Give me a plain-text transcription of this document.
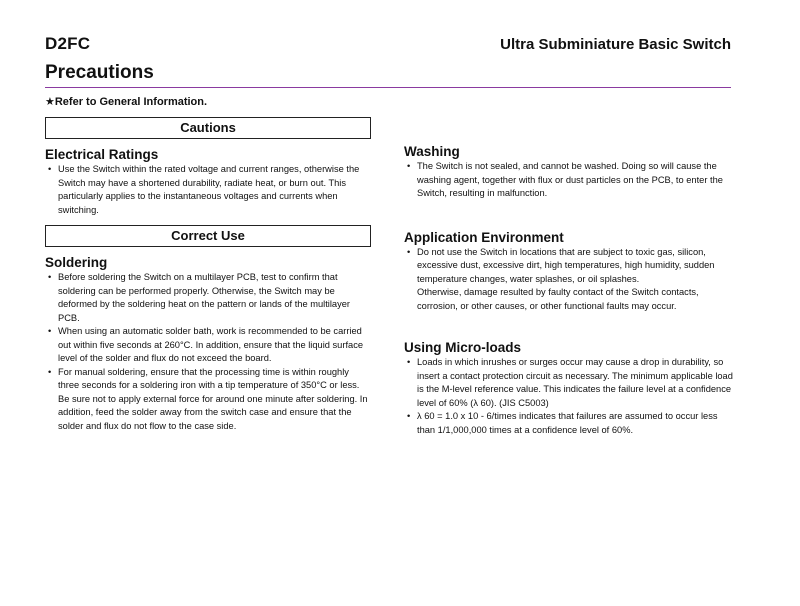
D2FC	Ultra Subminiature Basic Switch
Precautions
★Refer to General Information.
Cautions
Electrical Ratings
• Use the Switch within the rated voltage and current ranges, otherwise the Switch may have a shortened durability, radiate heat, or burn out. This particularly applies to the instantaneous voltages and currents when switching.
Correct Use
Soldering
• Before soldering the Switch on a multilayer PCB, test to confirm that soldering can be performed properly. Otherwise, the Switch may be deformed by the soldering heat on the pattern or lands of the multilayer PCB.
• When using an automatic solder bath, work is recommended to be carried out within five seconds at 260°C. In addition, ensure that the liquid surface level of the solder and flux do not exceed the board.
• For manual soldering, ensure that the processing time is within roughly three seconds for a soldering iron with a tip temperature of 350°C or less. Be sure not to apply external force for around one minute after soldering. In addition, feed the solder away from the switch case and ensure that the solder and flux do not flow to the case side.
Washing
• The Switch is not sealed, and cannot be washed. Doing so will cause the washing agent, together with flux or dust particles on the PCB, to enter the Switch, resulting in malfunction.
Application Environment
• Do not use the Switch in locations that are subject to toxic gas, silicon, excessive dust, excessive dirt, high temperatures, high humidity, sudden temperature changes, water splashes, or oil splashes.
Otherwise, damage resulted by faulty contact of the Switch contacts, corrosion, or other causes, or other functional faults may occur.
Using Micro-loads
• Loads in which inrushes or surges occur may cause a drop in durability, so insert a contact protection circuit as necessary. The minimum applicable load is the M-level reference value. This indicates the failure level at a confidence level of 60% (λ 60). (JIS C5003)
• λ 60 = 1.0 x 10 - 6/times indicates that failures are assumed to occur less than 1/1,000,000 times at a confidence level of 60%.
